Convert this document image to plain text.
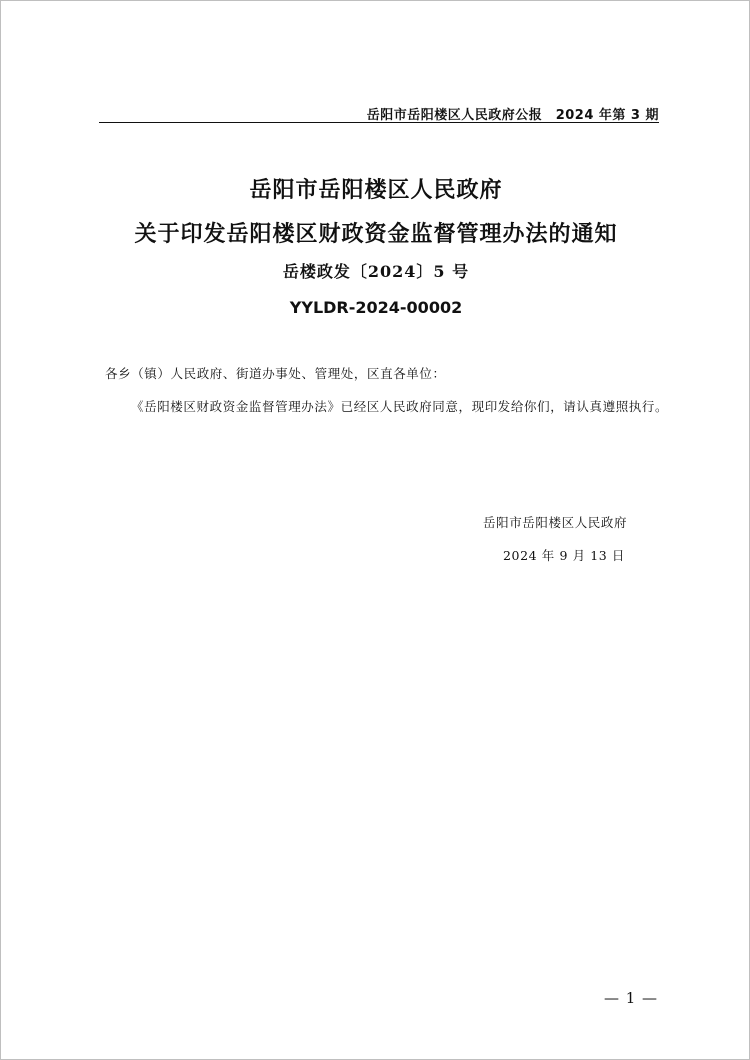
岳阳市岳阳楼区人民政府公报　2024 年第 3 期
岳阳市岳阳楼区人民政府
关于印发岳阳楼区财政资金监督管理办法的通知
岳楼政发〔2024〕5 号
YYLDR-2024-00002
各乡（镇）人民政府、街道办事处、管理处，区直各单位：
《岳阳楼区财政资金监督管理办法》已经区人民政府同意，现印发给你们，请认真遵照执行。
岳阳市岳阳楼区人民政府
2024 年 9 月 13 日
— 1 —
